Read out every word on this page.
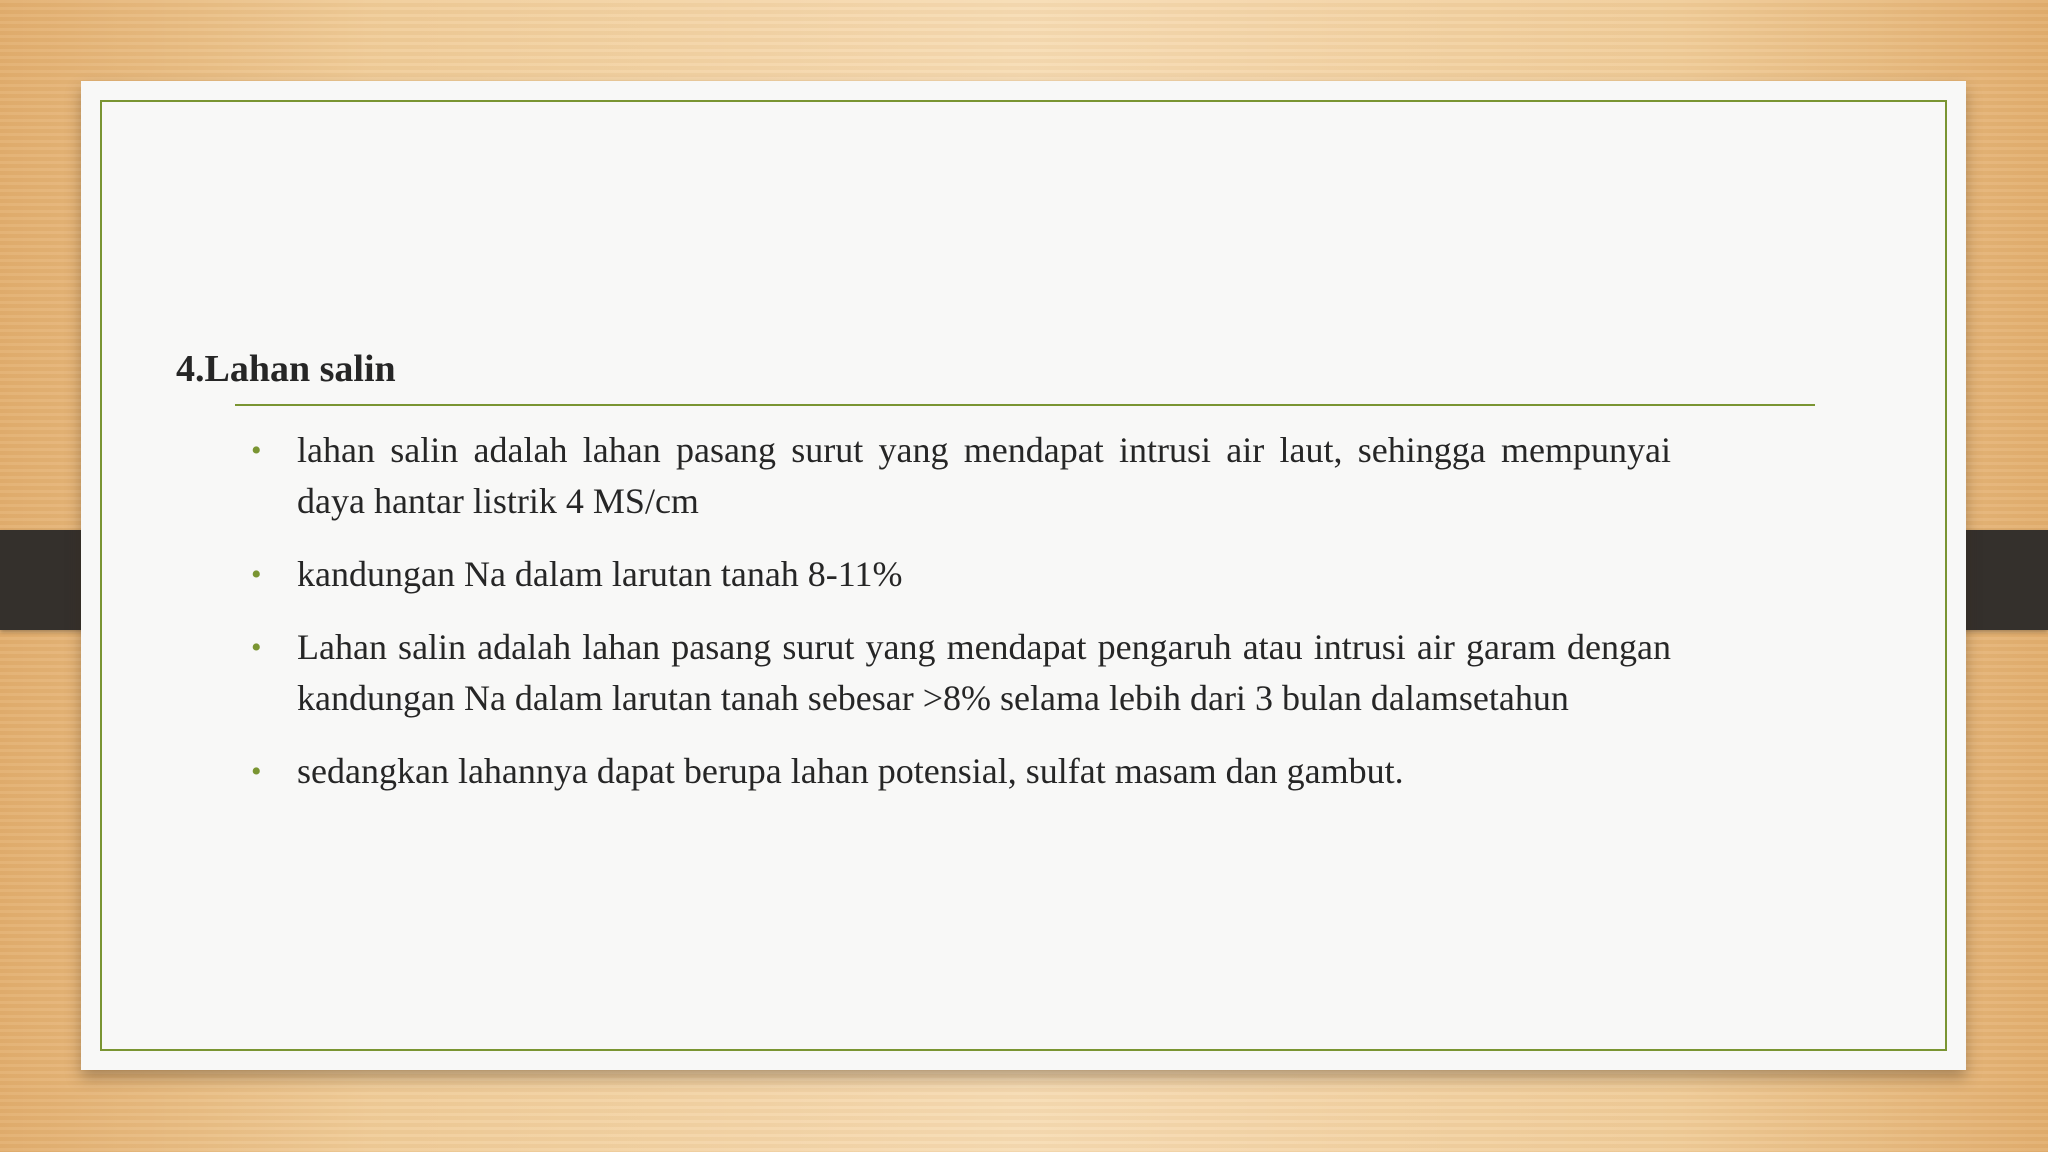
4.Lahan salin
• lahan salin adalah lahan pasang surut yang mendapat intrusi air laut, sehingga mempunyai daya hantar listrik 4 MS/cm
• kandungan Na dalam larutan tanah 8-11%
• Lahan salin adalah lahan pasang surut yang mendapat pengaruh atau intrusi air garam dengan kandungan Na dalam larutan tanah sebesar >8% selama lebih dari 3 bulan dalamsetahun
• sedangkan lahannya dapat berupa lahan potensial, sulfat masam dan gambut.
